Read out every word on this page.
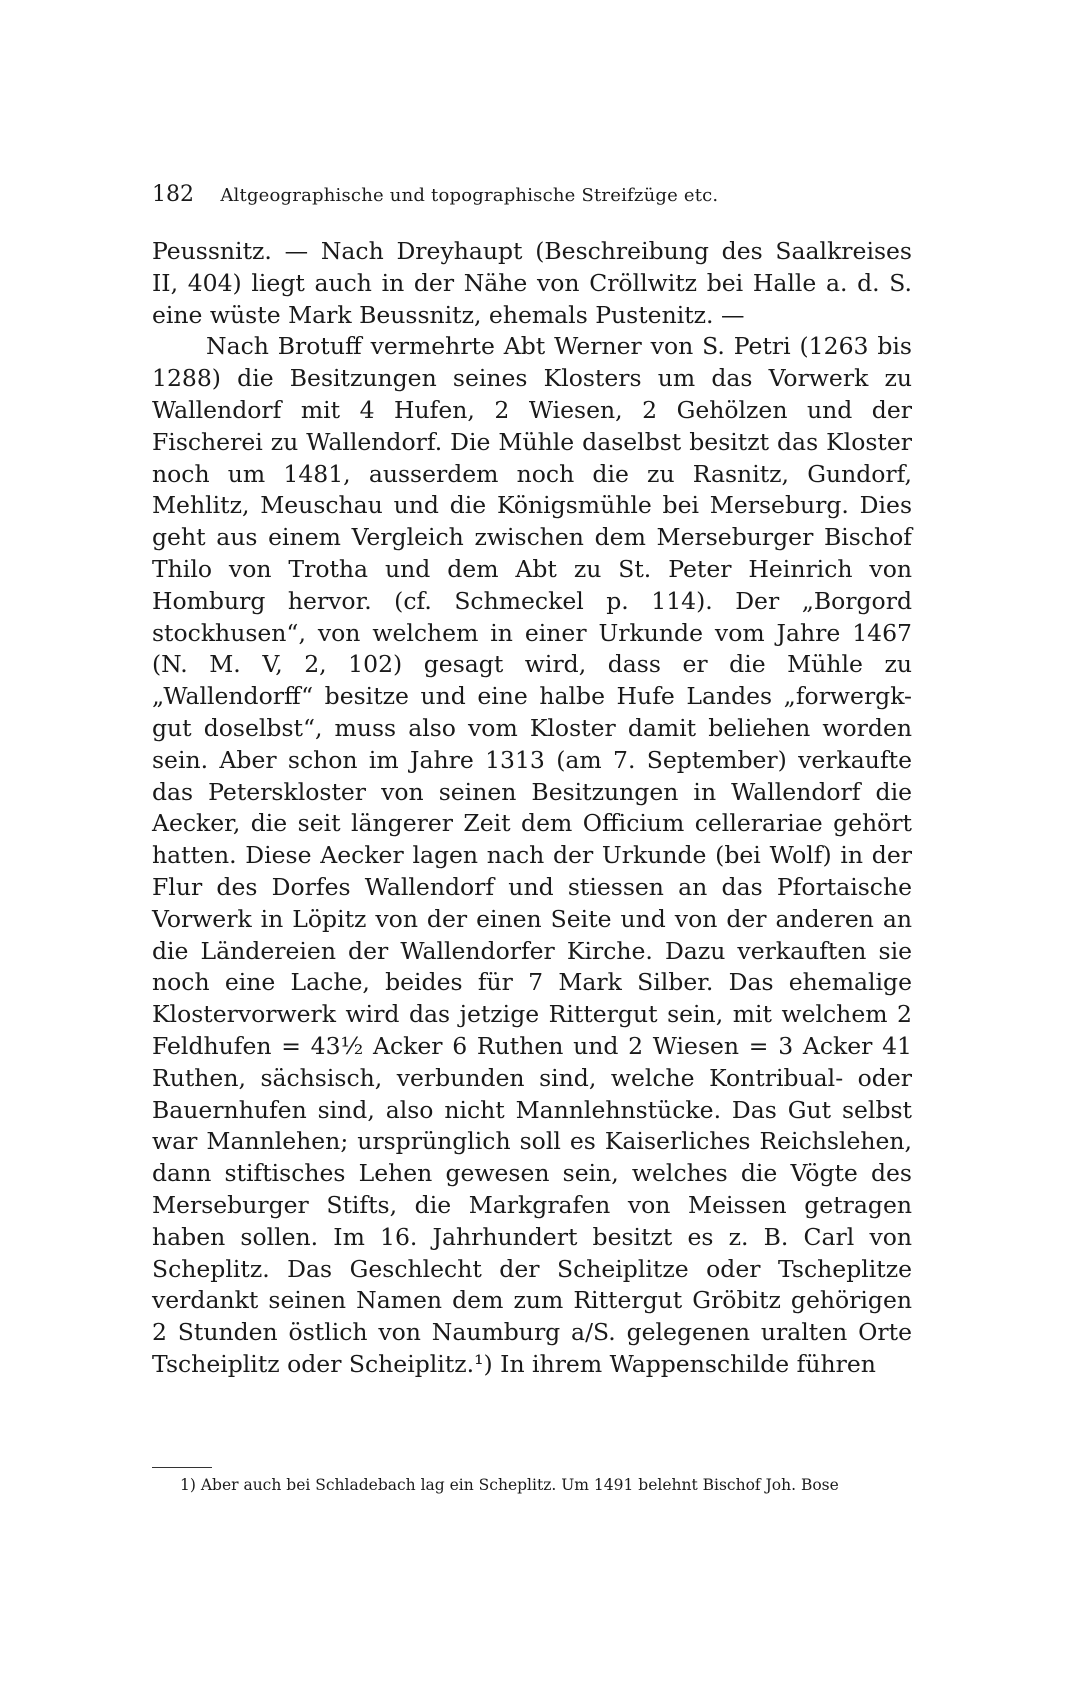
182 Altgeographische und topographische Streifzüge etc.

Peussnitz. — Nach Dreyhaupt (Beschreibung des Saalkreises II, 404) liegt auch in der Nähe von Cröllwitz bei Halle a. d. S. eine wüste Mark Beussnitz, ehemals Pustenitz. —

Nach Brotuff vermehrte Abt Werner von S. Petri (1263 bis 1288) die Besitzungen seines Klosters um das Vorwerk zu Wallendorf mit 4 Hufen, 2 Wiesen, 2 Gehölzen und der Fischerei zu Wallendorf. Die Mühle daselbst besitzt das Kloster noch um 1481, ausserdem noch die zu Rasnitz, Gundorf, Mehlitz, Meuschau und die Königsmühle bei Merseburg. Dies geht aus einem Vergleich zwischen dem Merseburger Bischof Thilo von Trotha und dem Abt zu St. Peter Heinrich von Homburg hervor. (cf. Schmeckel p. 114). Der „Borgord stockhusen“, von welchem in einer Urkunde vom Jahre 1467 (N. M. V, 2, 102) gesagt wird, dass er die Mühle zu „Wallendorff“ besitze und eine halbe Hufe Landes „forwergk-gut doselbst“, muss also vom Kloster damit beliehen worden sein. Aber schon im Jahre 1313 (am 7. September) verkaufte das Peterskloster von seinen Besitzungen in Wallendorf die Aecker, die seit längerer Zeit dem Officium cellerariae gehört hatten. Diese Aecker lagen nach der Urkunde (bei Wolf) in der Flur des Dorfes Wallendorf und stiessen an das Pfortaische Vorwerk in Löpitz von der einen Seite und von der anderen an die Ländereien der Wallendorfer Kirche. Dazu verkauften sie noch eine Lache, beides für 7 Mark Silber. Das ehemalige Klostervorwerk wird das jetzige Rittergut sein, mit welchem 2 Feldhufen = 43½ Acker 6 Ruthen und 2 Wiesen = 3 Acker 41 Ruthen, sächsisch, verbunden sind, welche Kontribual- oder Bauernhufen sind, also nicht Mannlehnstücke. Das Gut selbst war Mannlehen; ursprünglich soll es Kaiserliches Reichslehen, dann stiftisches Lehen gewesen sein, welches die Vögte des Merseburger Stifts, die Markgrafen von Meissen getragen haben sollen. Im 16. Jahrhundert besitzt es z. B. Carl von Scheplitz. Das Geschlecht der Scheiplitze oder Tscheplitze verdankt seinen Namen dem zum Rittergut Gröbitz gehörigen 2 Stunden östlich von Naumburg a/S. gelegenen uralten Orte Tscheiplitz oder Scheiplitz.¹) In ihrem Wappenschilde führen

1) Aber auch bei Schladebach lag ein Scheplitz. Um 1491 belehnt Bischof Joh. Bose
